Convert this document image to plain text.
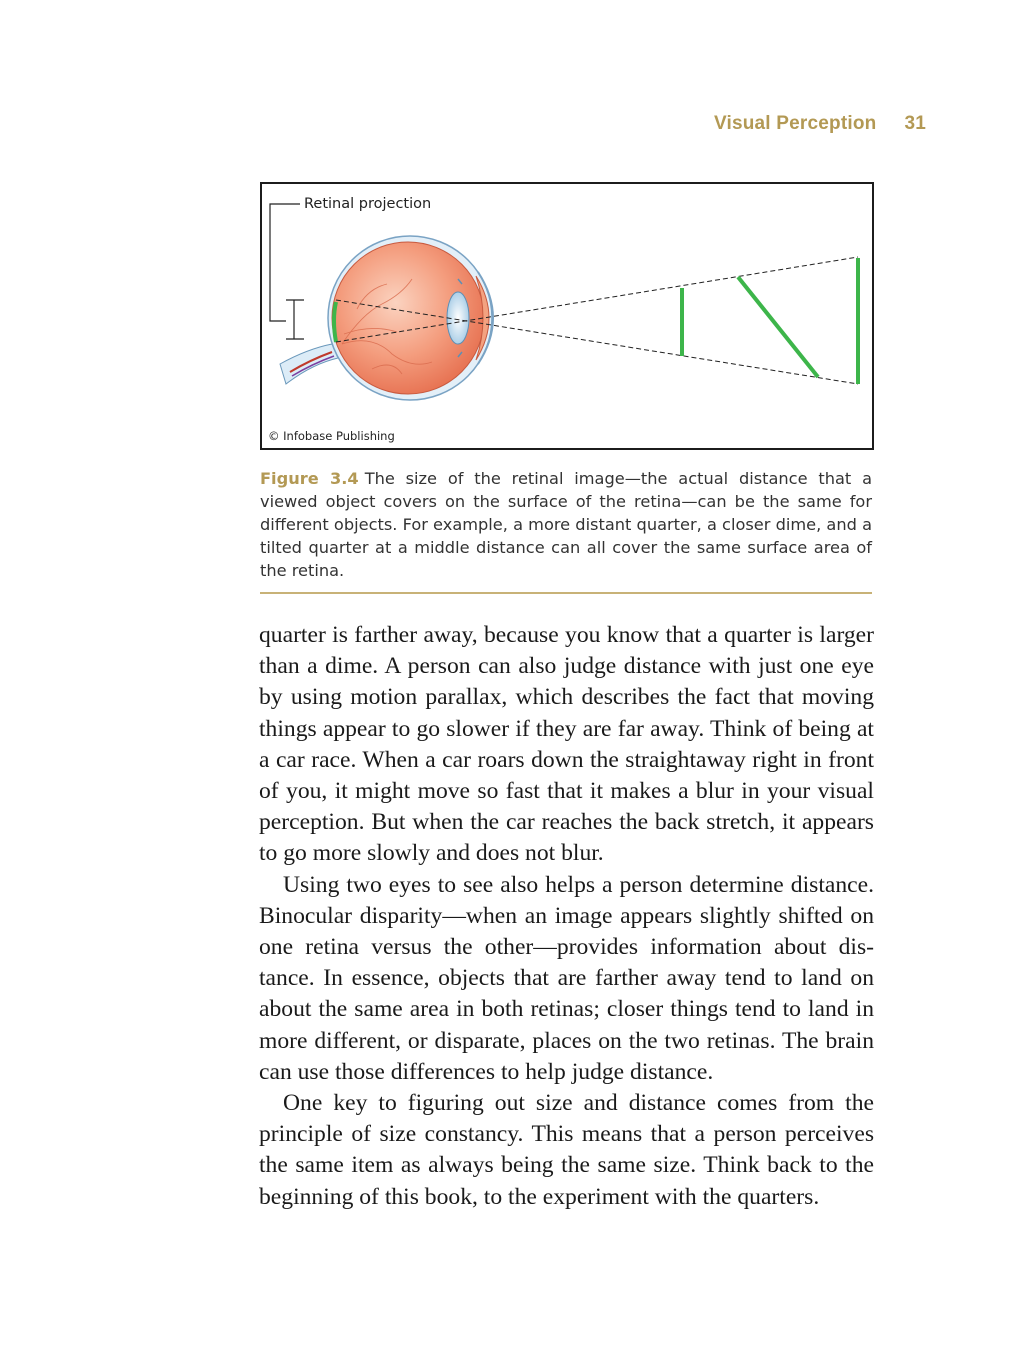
Visual Perception 31
Retinal projection
© Infobase Publishing
Figure 3.4 The size of the retinal image—the actual distance that a viewed object covers on the surface of the retina—can be the same for different objects. For example, a more distant quarter, a closer dime, and a tilted quarter at a middle distance can all cover the same surface area of the retina.

quarter is farther away, because you know that a quarter is larger than a dime. A person can also judge distance with just one eye by using motion parallax, which describes the fact that moving things appear to go slower if they are far away. Think of being at a car race. When a car roars down the straightaway right in front of you, it might move so fast that it makes a blur in your visual perception. But when the car reaches the back stretch, it appears to go more slowly and does not blur.

Using two eyes to see also helps a person determine distance. Binocular disparity—when an image appears slightly shifted on one retina versus the other—provides information about distance. In essence, objects that are farther away tend to land on about the same area in both retinas; closer things tend to land in more different, or disparate, places on the two retinas. The brain can use those differences to help judge distance.

One key to figuring out size and distance comes from the principle of size constancy. This means that a person perceives the same item as always being the same size. Think back to the beginning of this book, to the experiment with the quarters.
